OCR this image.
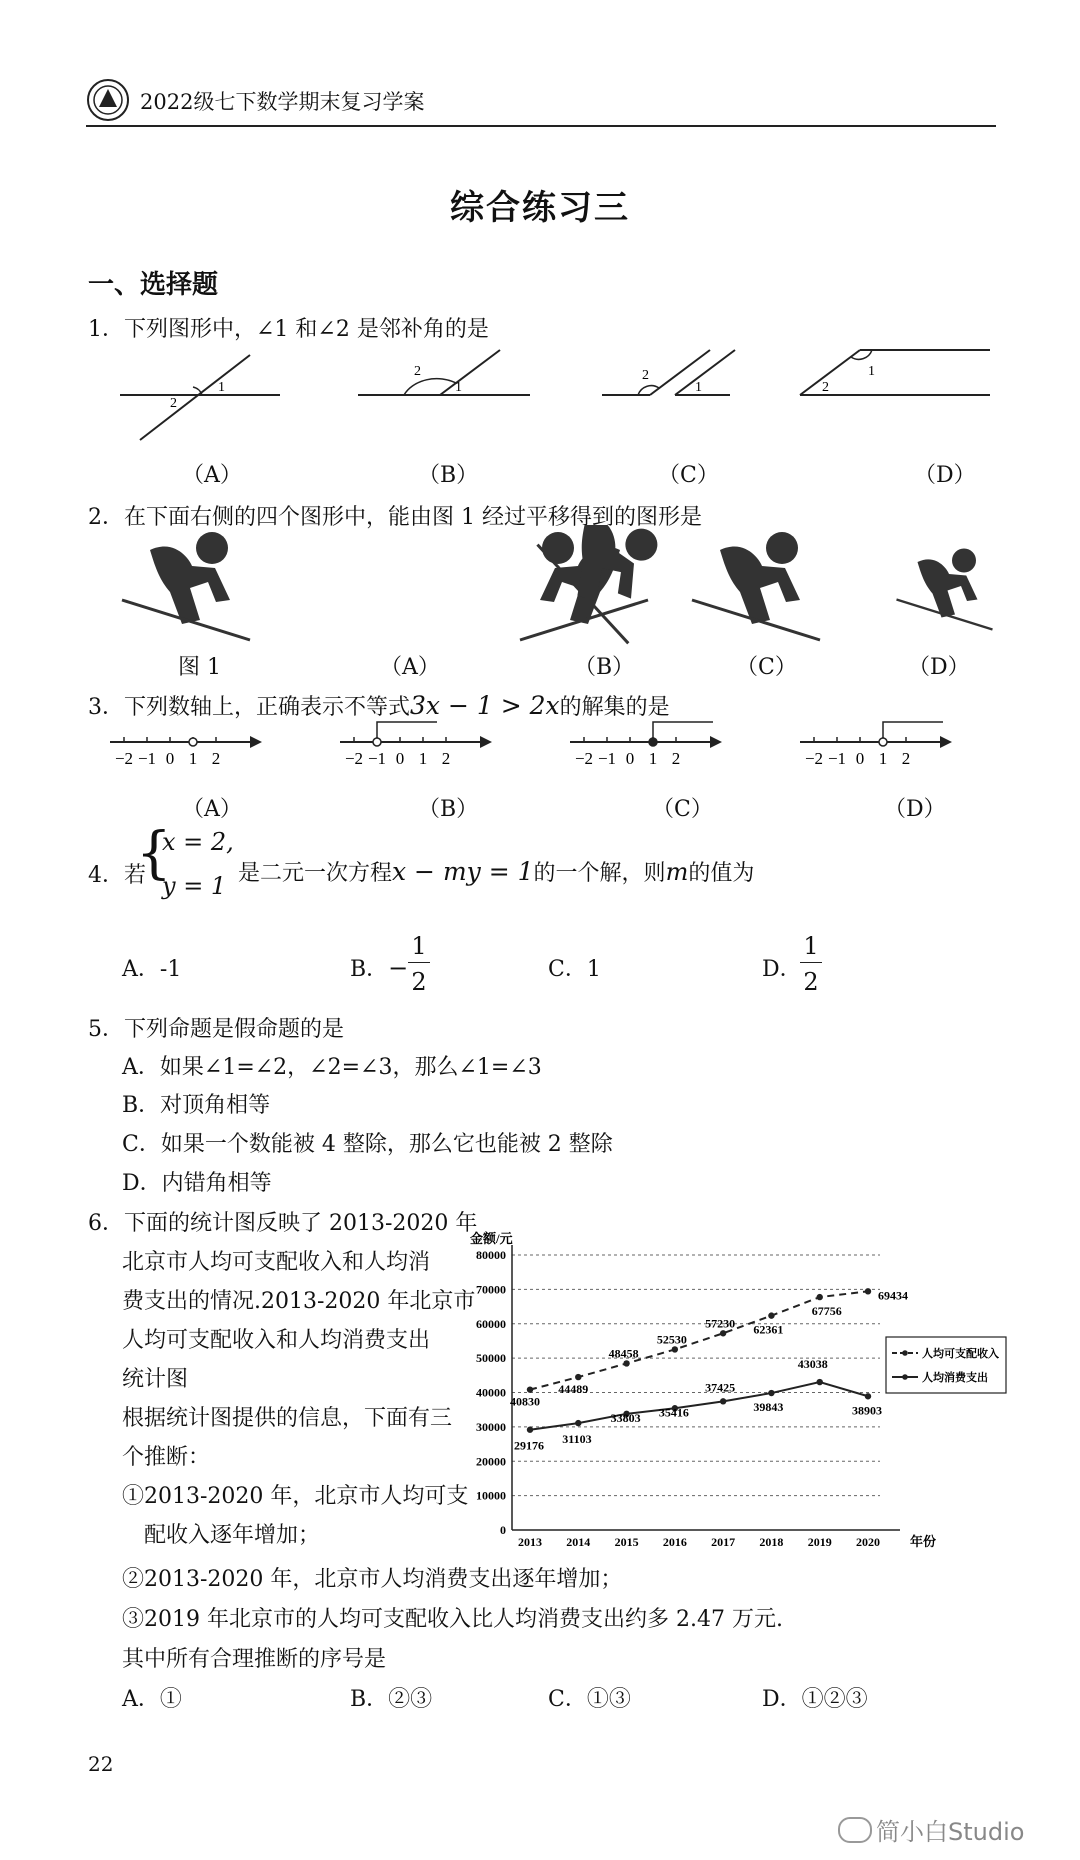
2022级七下数学期末复习学案
综合练习三
一、选择题
1．下列图形中，∠1 和∠2 是邻补角的是
1
2
1
2	2
1
1
2
（A）	（B）	（C）	（D）
2．在下面右侧的四个图形中，能由图 1 经过平移得到的图形是
图 1	（A）	（B）	（C）	（D）
3．下列数轴上，正确表示不等式3x − 1 > 2x的解集的是
−2 −1 0 1 2	−2 −1 0 1 2	−2 −1 0 1 2	−2 −1 0 1 2
（A）	（B）	（C）	（D）
4．若
{
x = 2,
y = 1 是二元一次方程x − my = 1的一个解，则m的值为
A．-1	B．−
1
2	C．1	D．
1
2
5．下列命题是假命题的是
A．如果∠1=∠2，∠2=∠3，那么∠1=∠3
B．对顶角相等
C．如果一个数能被 4 整除，那么它也能被 2 整除
D．内错角相等
6．下面的统计图反映了 2013-2020 年
北京市人均可支配收入和人均消
费支出的情况.2013-2020 年北京市
人均可支配收入和人均消费支出
统计图
根据统计图提供的信息，下面有三
个推断：
①2013-2020 年，北京市人均可支
配收入逐年增加；
②2013-2020 年，北京市人均消费支出逐年增加；
③2019 年北京市的人均可支配收入比人均消费支出约多 2.47 万元.
其中所有合理推断的序号是
A．①	B．②③	C．①③	D．①②③
金额/元
0
10000
20000
30000
40000
50000
60000
70000
80000
2013 2014 2015 2016 2017 2018 2019 2020 年份
40830
44489
48458
52530
57230 62361
67756
69434
29176 31103
33803 35416
37425
39843
43038
38903
人均可支配收入
人均消费支出
22
简小白Studio
